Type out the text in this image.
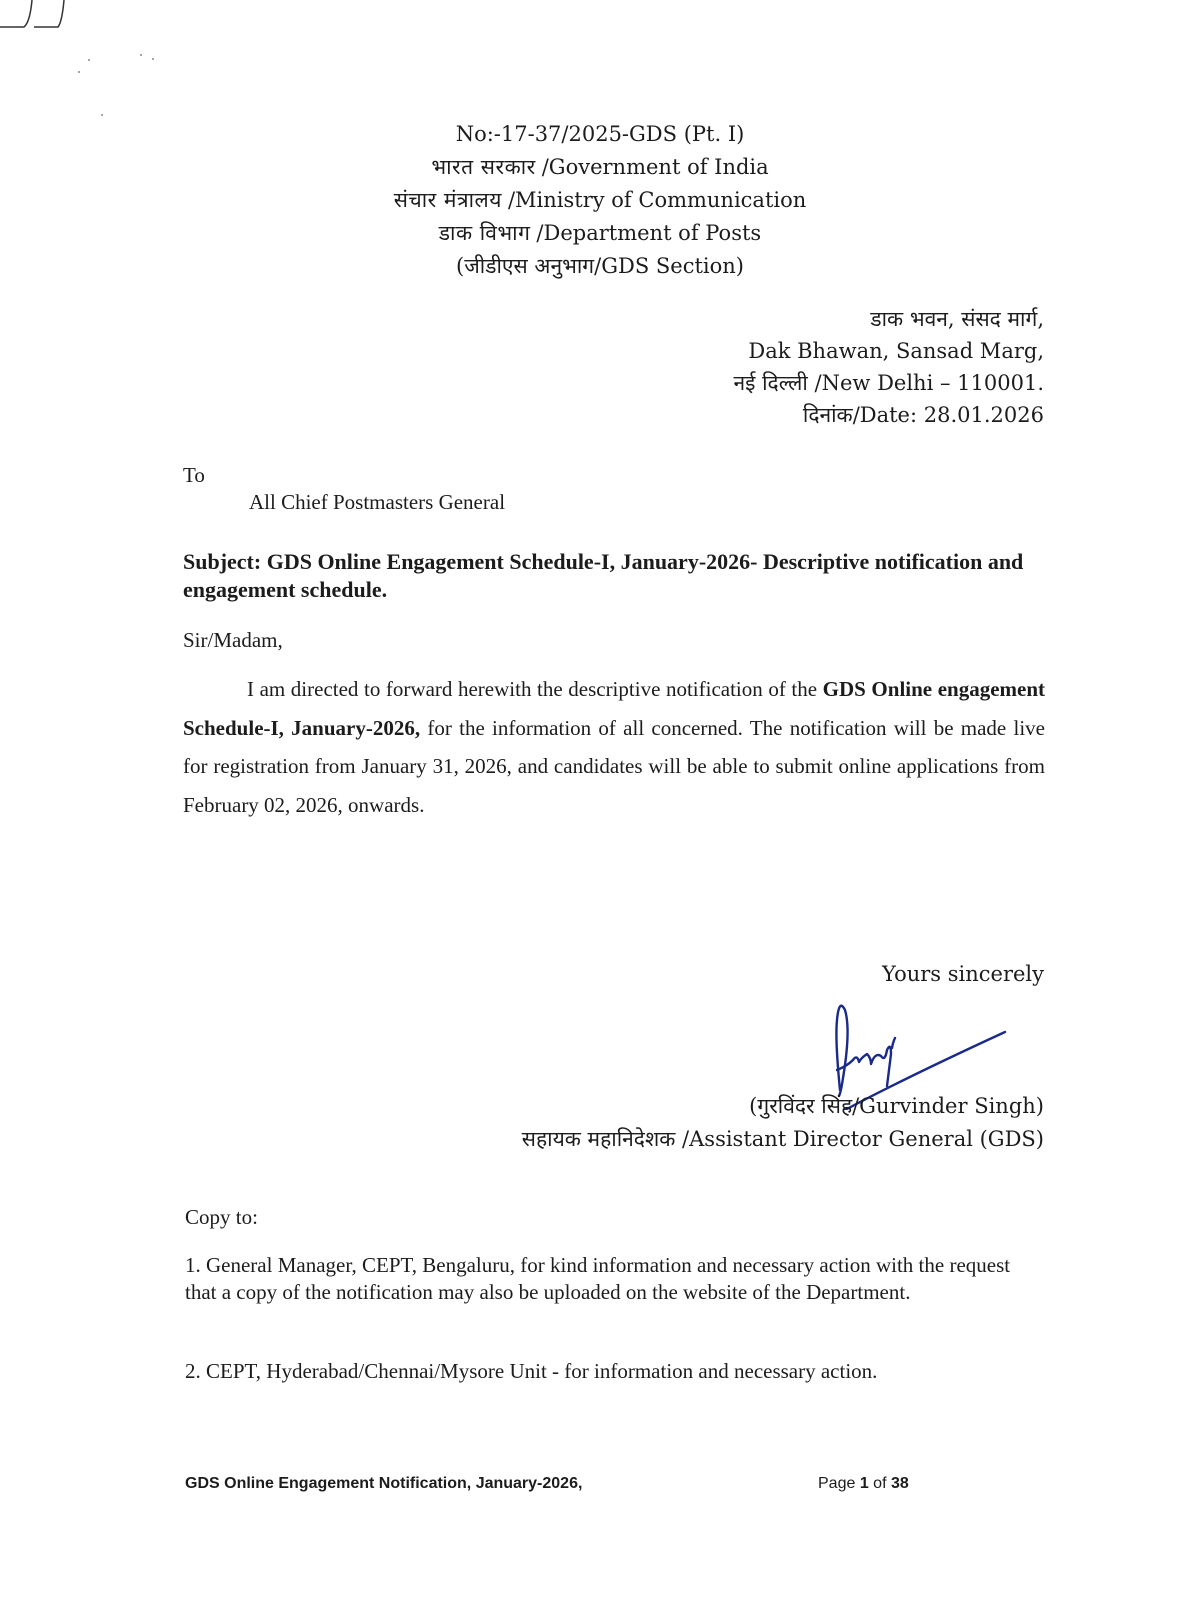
No:-17-37/2025-GDS (Pt. I)
भारत सरकार /Government of India
संचार मंत्रालय /Ministry of Communication
डाक विभाग /Department of Posts
(जीडीएस अनुभाग/GDS Section)
डाक भवन, संसद मार्ग,
Dak Bhawan, Sansad Marg,
नई दिल्ली /New Delhi – 110001.
दिनांक/Date: 28.01.2026
To
All Chief Postmasters General
Subject: GDS Online Engagement Schedule-I, January-2026- Descriptive notification and engagement schedule.
Sir/Madam,
I am directed to forward herewith the descriptive notification of the GDS Online engagement Schedule-I, January-2026, for the information of all concerned. The notification will be made live for registration from January 31, 2026, and candidates will be able to submit online applications from February 02, 2026, onwards.
Yours sincerely
(गुरविंदर सिंह/Gurvinder Singh)
सहायक महानिदेशक /Assistant Director General (GDS)
Copy to:
1. General Manager, CEPT, Bengaluru, for kind information and necessary action with the request that a copy of the notification may also be uploaded on the website of the Department.
2. CEPT, Hyderabad/Chennai/Mysore Unit - for information and necessary action.
GDS Online Engagement Notification, January-2026,	Page 1 of 38
